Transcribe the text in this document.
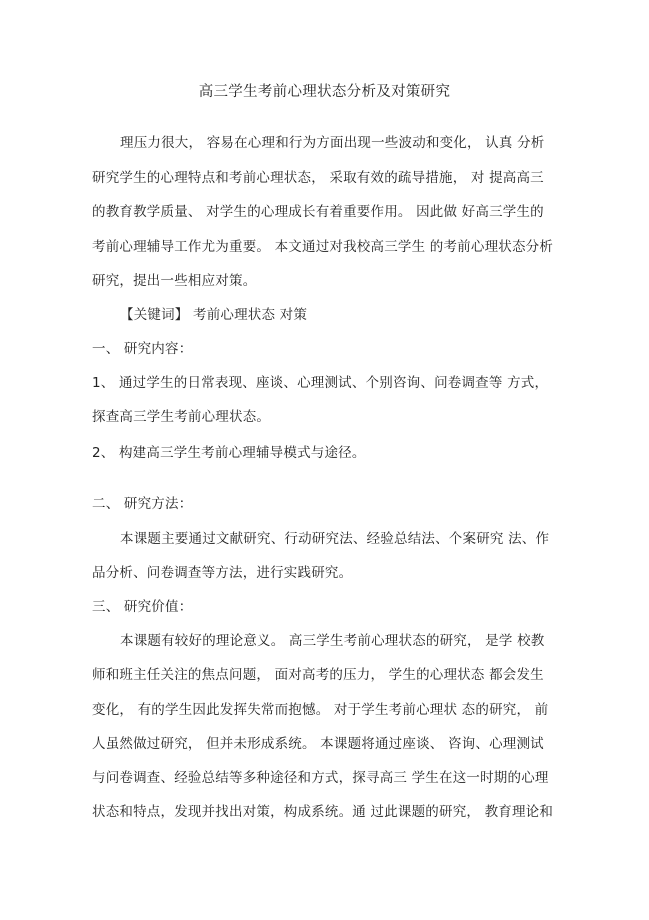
高三学生考前心理状态分析及对策研究
理压力很大， 容易在心理和行为方面出现一些波动和变化， 认真 分析
研究学生的心理特点和考前心理状态， 采取有效的疏导措施， 对 提高高三
的教育教学质量、 对学生的心理成长有着重要作用。 因此做 好高三学生的
考前心理辅导工作尤为重要。 本文通过对我校高三学生 的考前心理状态分析
研究，提出一些相应对策。
【关键词】 考前心理状态 对策
一、 研究内容：
1、 通过学生的日常表现、座谈、心理测试、个别咨询、问卷调查等 方式，
探查高三学生考前心理状态。
2、 构建高三学生考前心理辅导模式与途径。
二、 研究方法：
本课题主要通过文献研究、行动研究法、经验总结法、个案研究 法、作
品分析、问卷调查等方法，进行实践研究。
三、 研究价值：
本课题有较好的理论意义。 高三学生考前心理状态的研究， 是学 校教
师和班主任关注的焦点问题， 面对高考的压力， 学生的心理状态 都会发生
变化， 有的学生因此发挥失常而抱憾。 对于学生考前心理状 态的研究， 前
人虽然做过研究， 但并未形成系统。 本课题将通过座谈、 咨询、心理测试
与问卷调查、经验总结等多种途径和方式，探寻高三 学生在这一时期的心理
状态和特点，发现并找出对策，构成系统。通 过此课题的研究， 教育理论和
